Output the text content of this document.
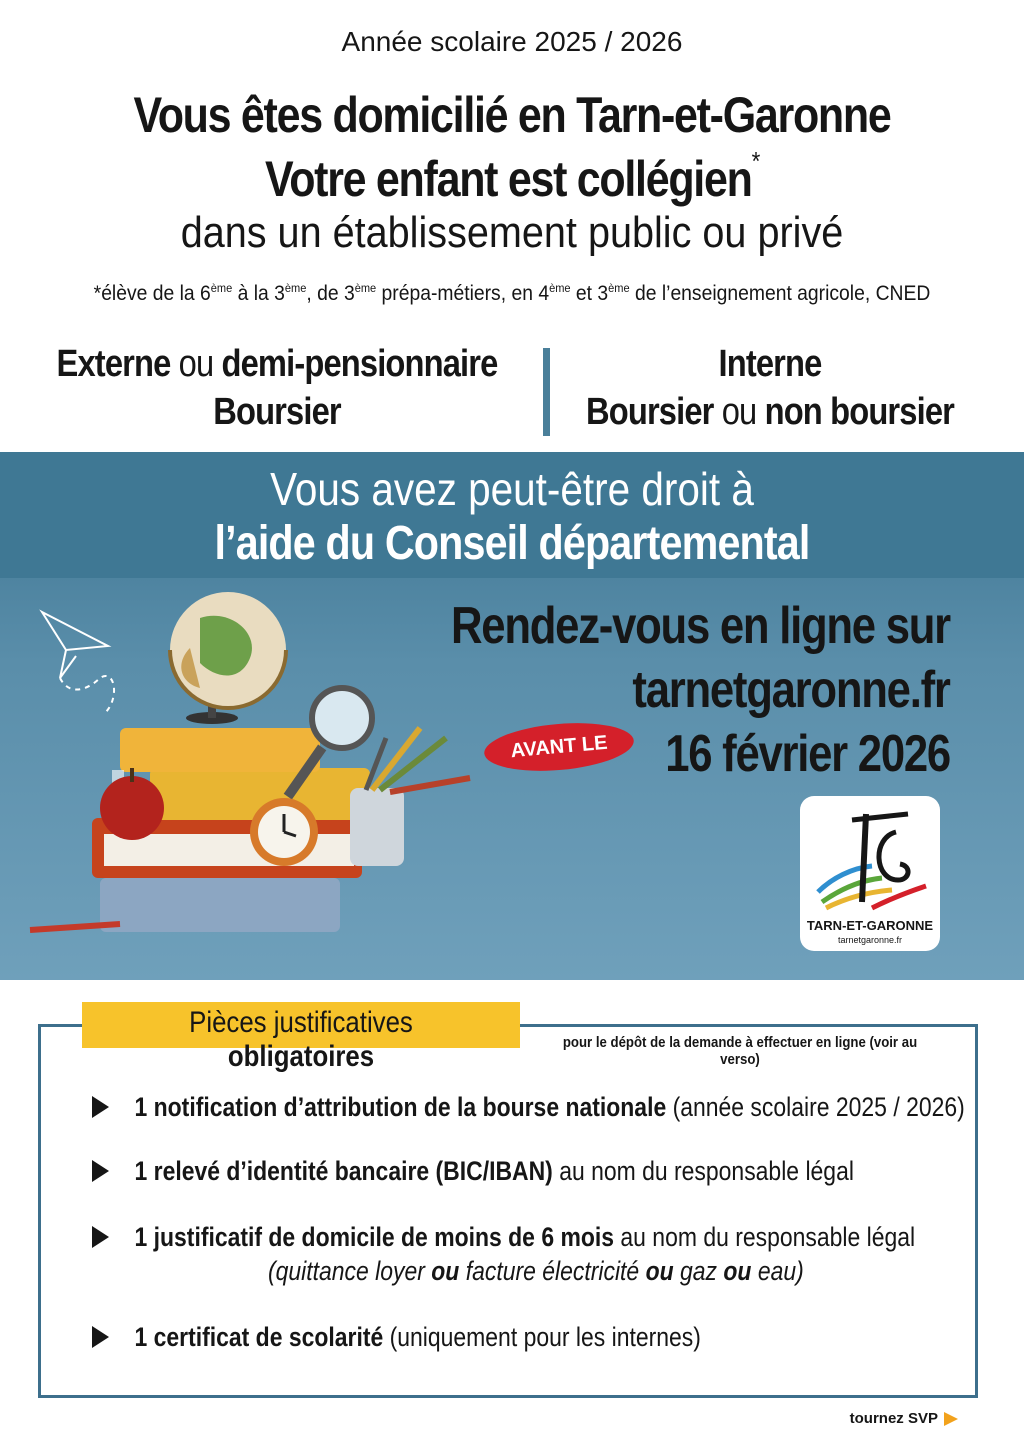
Année scolaire 2025 / 2026
Vous êtes domicilié en Tarn-et-Garonne
Votre enfant est collégien*
dans un établissement public ou privé
*élève de la 6ème à la 3ème, de 3ème prépa-métiers, en 4ème et 3ème de l’enseignement agricole, CNED
Externe ou demi-pensionnaire
Boursier
Interne
Boursier ou non boursier
Vous avez peut-être droit à
l’aide du Conseil départemental
Rendez-vous en ligne sur
tarnetgaronne.fr
AVANT LE	16 février 2026
TARN-ET-GARONNE
tarnetgaronne.fr
Pièces justificatives obligatoires	pour le dépôt de la demande à effectuer en ligne (voir au verso)
1 notification d’attribution de la bourse nationale (année scolaire 2025 / 2026)
1 relevé d’identité bancaire (BIC/IBAN) au nom du responsable légal
1 justificatif de domicile de moins de 6 mois au nom du responsable légal
(quittance loyer ou facture électricité ou gaz ou eau)
1 certificat de scolarité (uniquement pour les internes)
tournez SVP
